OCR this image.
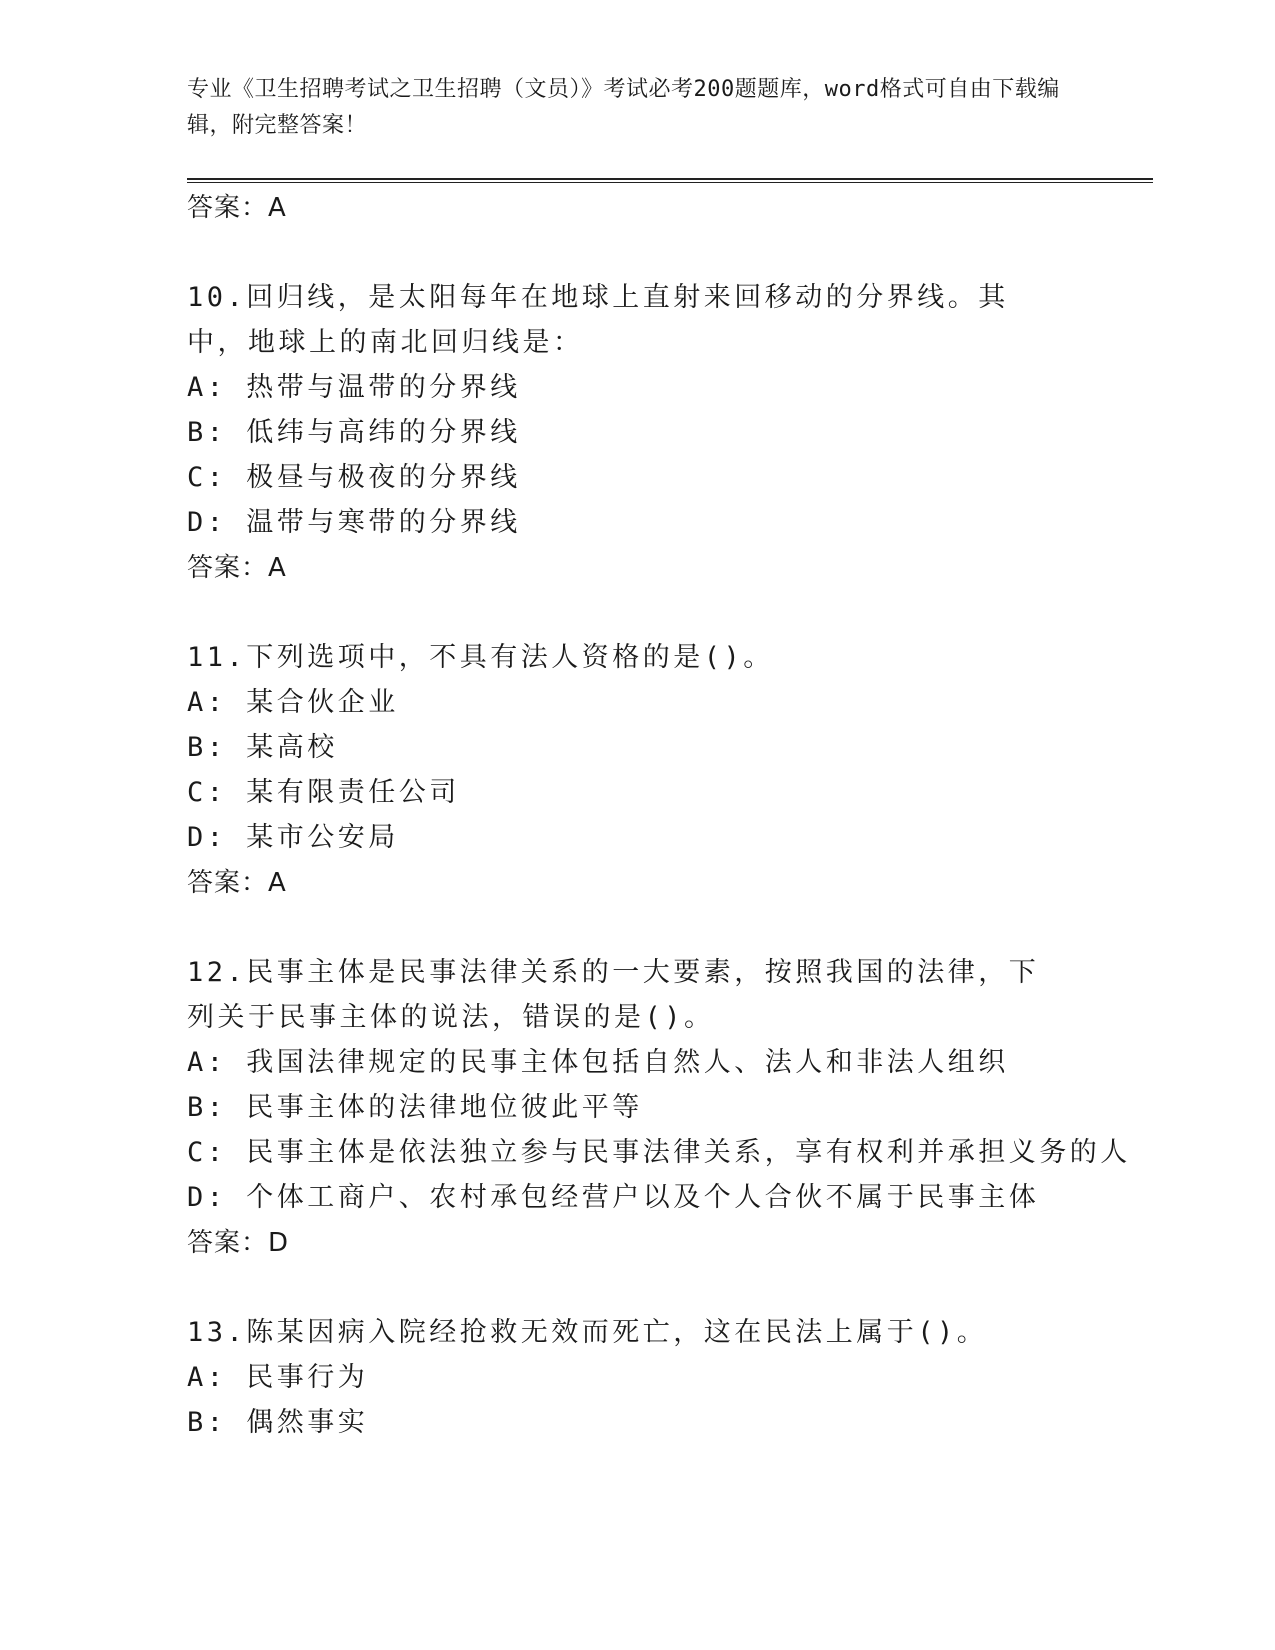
专业《卫生招聘考试之卫生招聘（文员）》考试必考200题题库，word格式可自由下载编辑，附完整答案！
答案：A
10.回归线，是太阳每年在地球上直射来回移动的分界线。其中，地球上的南北回归线是：
A: 热带与温带的分界线
B: 低纬与高纬的分界线
C: 极昼与极夜的分界线
D: 温带与寒带的分界线
答案：A
11.下列选项中，不具有法人资格的是()。
A: 某合伙企业
B: 某高校
C: 某有限责任公司
D: 某市公安局
答案：A
12.民事主体是民事法律关系的一大要素，按照我国的法律，下列关于民事主体的说法，错误的是()。
A: 我国法律规定的民事主体包括自然人、法人和非法人组织
B: 民事主体的法律地位彼此平等
C: 民事主体是依法独立参与民事法律关系，享有权利并承担义务的人
D: 个体工商户、农村承包经营户以及个人合伙不属于民事主体
答案：D
13.陈某因病入院经抢救无效而死亡，这在民法上属于()。
A: 民事行为
B: 偶然事实
